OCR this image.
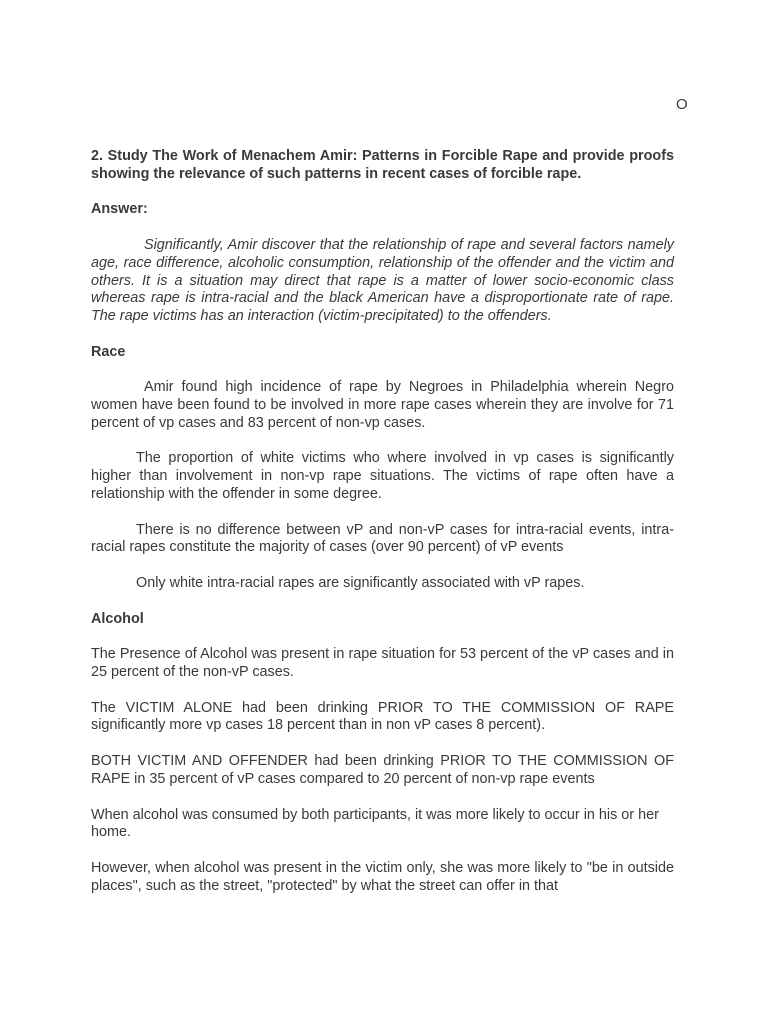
O

2. Study The Work of Menachem Amir: Patterns in Forcible Rape and provide proofs showing the relevance of such patterns in recent cases of forcible rape.

Answer:

Significantly, Amir discover that the relationship of rape and several factors namely age, race difference, alcoholic consumption, relationship of the offender and the victim and others. It is a situation may direct that rape is a matter of lower socio-economic class whereas rape is intra-racial and the black American have a disproportionate rate of rape. The rape victims has an interaction (victim-precipitated) to the offenders.

Race

Amir found high incidence of rape by Negroes in Philadelphia wherein Negro women have been found to be involved in more rape cases wherein they are involve for 71 percent of vp cases and 83 percent of non-vp cases.

The proportion of white victims who where involved in vp cases is significantly higher than involvement in non-vp rape situations. The victims of rape often have a relationship with the offender in some degree.

There is no difference between vP and non-vP cases for intra-racial events, intra-racial rapes constitute the majority of cases (over 90 percent) of vP events

Only white intra-racial rapes are significantly associated with vP rapes.

Alcohol

The Presence of Alcohol was present in rape situation for 53 percent of the vP cases and in 25 percent of the non-vP cases.

The VICTIM ALONE had been drinking PRIOR TO THE COMMISSION OF RAPE significantly more vp cases 18 percent than in non vP cases 8 percent).

BOTH VICTIM AND OFFENDER had been drinking PRIOR TO THE COMMISSION OF RAPE in 35 percent of vP cases compared to 20 percent of non-vp rape events

When alcohol was consumed by both participants, it was more likely to occur in his or her home.

However, when alcohol was present in the victim only, she was more likely to "be in outside places", such as the street, "protected" by what the street can offer in that
